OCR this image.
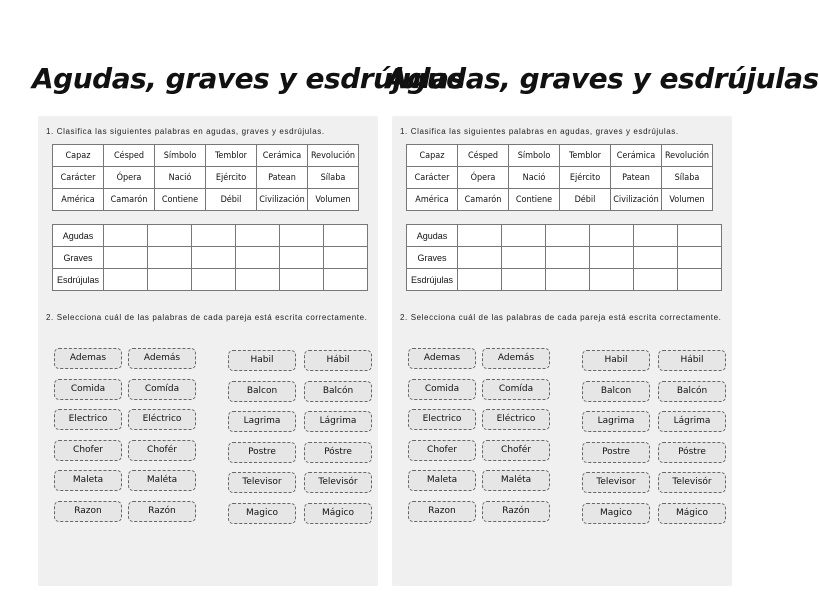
Agudas, graves y esdrújulas
1. Clasifica las siguientes palabras en agudas, graves y esdrújulas.
Capaz	Césped	Símbolo	Temblor	Cerámica	Revolución
Carácter	Ópera	Nació	Ejército	Patean	Sílaba
América	Camarón	Contiene	Débil	Civilización	Volumen
Agudas						
Graves						
Esdrújulas						
2. Selecciona cuál de las palabras de cada pareja está escrita correctamente.
Ademas	Además
Comida	Comída
Electrico	Eléctrico
Chofer	Chofér
Maleta	Maléta
Razon	Razón
Habil	Hábil
Balcon	Balcón
Lagrima	Lágrima
Postre	Póstre
Televisor	Televisór
Magico	Mágico
Agudas, graves y esdrújulas
1. Clasifica las siguientes palabras en agudas, graves y esdrújulas.
Capaz	Césped	Símbolo	Temblor	Cerámica	Revolución
Carácter	Ópera	Nació	Ejército	Patean	Sílaba
América	Camarón	Contiene	Débil	Civilización	Volumen
Agudas						
Graves						
Esdrújulas						
2. Selecciona cuál de las palabras de cada pareja está escrita correctamente.
Ademas	Además
Comida	Comída
Electrico	Eléctrico
Chofer	Chofér
Maleta	Maléta
Razon	Razón
Habil	Hábil
Balcon	Balcón
Lagrima	Lágrima
Postre	Póstre
Televisor	Televisór
Magico	Mágico
